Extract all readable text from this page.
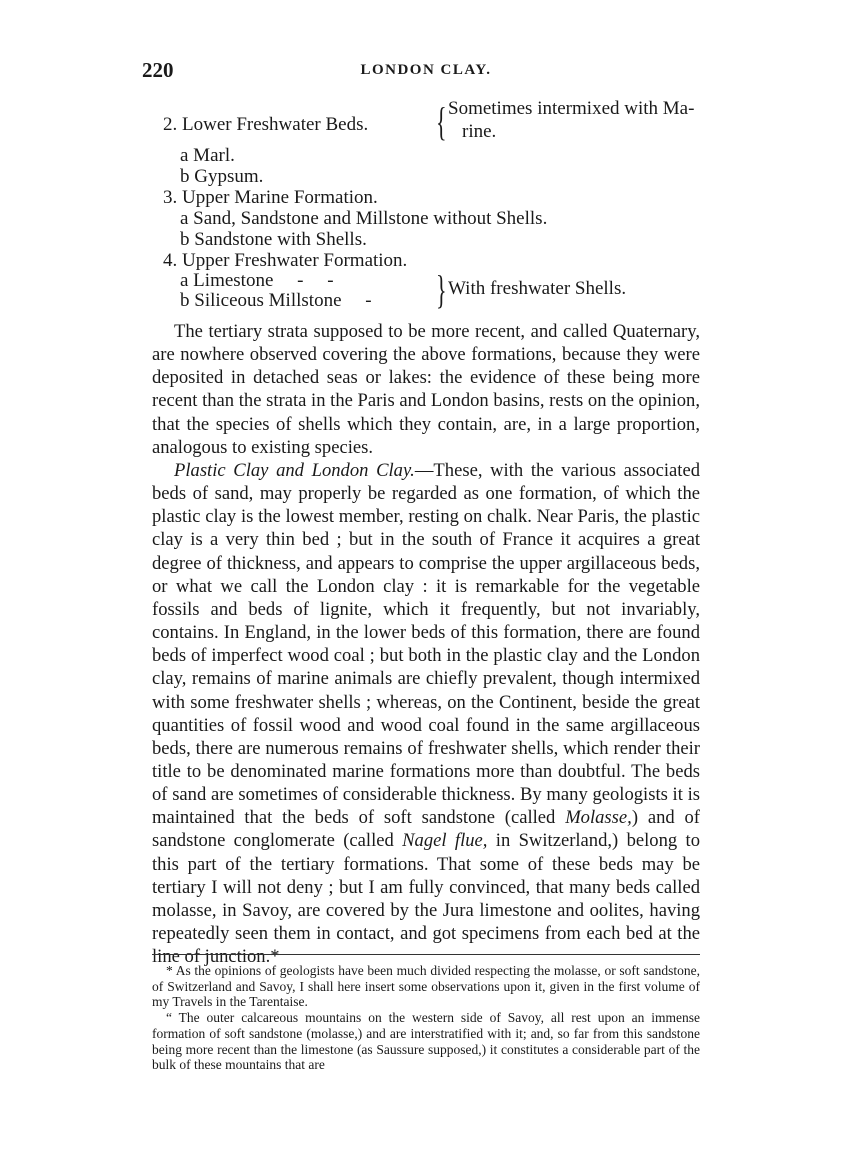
220	LONDON CLAY.
2. Lower Freshwater Beds. { Sometimes intermixed with Ma-
rine.
a Marl.
b Gypsum.
3. Upper Marine Formation.
a Sand, Sandstone and Millstone without Shells.
b Sandstone with Shells.
4. Upper Freshwater Formation.
a Limestone     -     -
b Siliceous Millstone     - } With freshwater Shells.

The tertiary strata supposed to be more recent, and called Quaternary, are nowhere observed covering the above formations, because they were deposited in detached seas or lakes: the evidence of these being more recent than the strata in the Paris and London basins, rests on the opinion, that the species of shells which they contain, are, in a large proportion, analogous to existing species.

Plastic Clay and London Clay.—These, with the various associated beds of sand, may properly be regarded as one formation, of which the plastic clay is the lowest member, resting on chalk. Near Paris, the plastic clay is a very thin bed ; but in the south of France it acquires a great degree of thickness, and appears to comprise the upper argillaceous beds, or what we call the London clay : it is remarkable for the vegetable fossils and beds of lignite, which it frequently, but not invariably, contains. In England, in the lower beds of this formation, there are found beds of imperfect wood coal ; but both in the plastic clay and the London clay, remains of marine animals are chiefly prevalent, though intermixed with some freshwater shells ; whereas, on the Continent, beside the great quantities of fossil wood and wood coal found in the same argillaceous beds, there are numerous remains of freshwater shells, which render their title to be denominated marine formations more than doubtful. The beds of sand are sometimes of considerable thickness. By many geologists it is maintained that the beds of soft sandstone (called Molasse,) and of sandstone conglomerate (called Nagel flue, in Switzerland,) belong to this part of the tertiary formations. That some of these beds may be tertiary I will not deny ; but I am fully convinced, that many beds called molasse, in Savoy, are covered by the Jura limestone and oolites, having repeatedly seen them in contact, and got specimens from each bed at the line of junction.*

* As the opinions of geologists have been much divided respecting the molasse, or soft sandstone, of Switzerland and Savoy, I shall here insert some observations upon it, given in the first volume of my Travels in the Tarentaise.

“ The outer calcareous mountains on the western side of Savoy, all rest upon an immense formation of soft sandstone (molasse,) and are interstratified with it; and, so far from this sandstone being more recent than the limestone (as Saussure supposed,) it constitutes a considerable part of the bulk of these mountains that are
